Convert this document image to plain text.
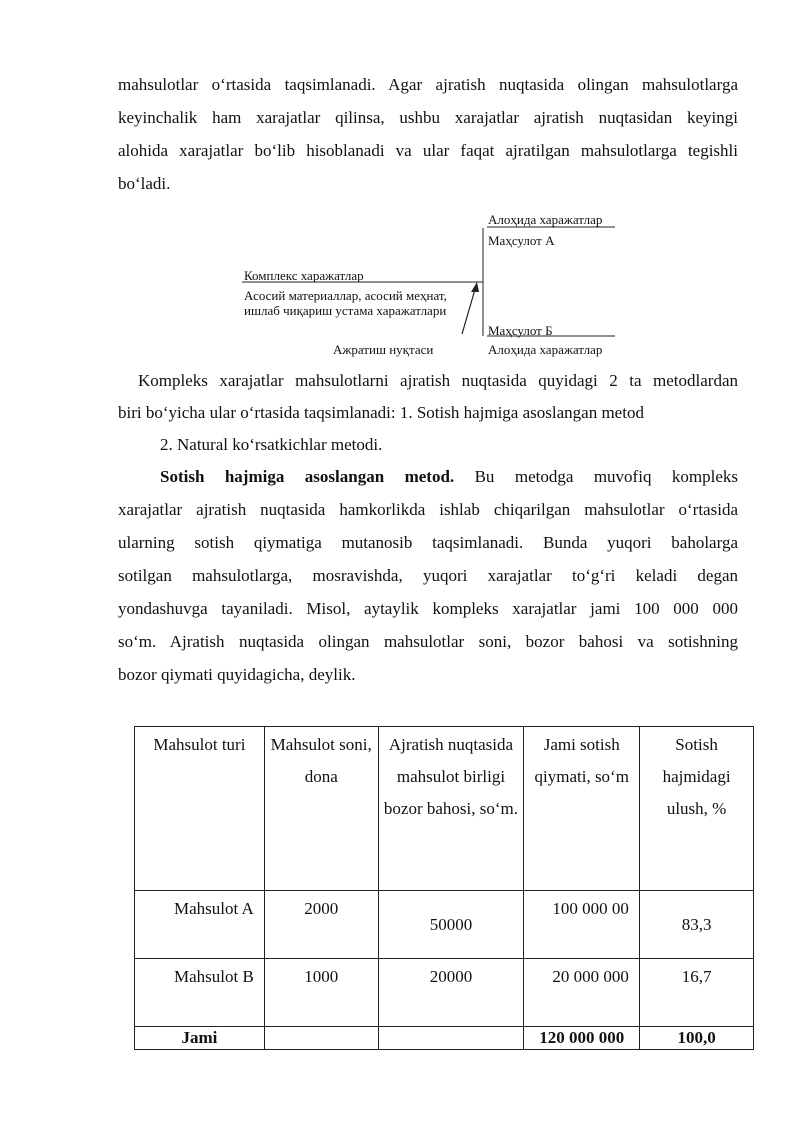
mahsulotlar o‘rtasida taqsimlanadi. Agar ajratish nuqtasida olingan mahsulotlarga
keyinchalik ham xarajatlar qilinsa, ushbu xarajatlar ajratish nuqtasidan keyingi
alohida xarajatlar bo‘lib hisoblanadi va ular faqat ajratilgan mahsulotlarga tegishli
bo‘ladi.
Алоҳида харажатлар
Маҳсулот А
Комплекс харажатлар
Асосий материаллар, асосий меҳнат,
ишлаб чиқариш устама харажатлари
Маҳсулот Б
Ажратиш нуқтаси	Алоҳида харажатлар
Kompleks xarajatlar mahsulotlarni ajratish nuqtasida quyidagi 2 ta metodlardan
biri bo‘yicha ular o‘rtasida taqsimlanadi: 1. Sotish hajmiga asoslangan metod
2. Natural ko‘rsatkichlar metodi.
Sotish hajmiga asoslangan metod. Bu metodga muvofiq kompleks
xarajatlar ajratish nuqtasida hamkorlikda ishlab chiqarilgan mahsulotlar o‘rtasida
ularning sotish qiymatiga mutanosib taqsimlanadi. Bunda yuqori baholarga
sotilgan mahsulotlarga, mosravishda, yuqori xarajatlar to‘g‘ri keladi degan
yondashuvga tayaniladi. Misol, aytaylik kompleks xarajatlar jami 100 000 000
so‘m. Ajratish nuqtasida olingan mahsulotlar soni, bozor bahosi va sotishning
bozor qiymati quyidagicha, deylik.
Mahsulot turi	Mahsulot soni, dona	Ajratish nuqtasida mahsulot birligi bozor bahosi, so‘m.	Jami sotish qiymati, so‘m	Sotish hajmidagi ulush, %
Mahsulot A	2000	50000	100 000 00	83,3
Mahsulot B	1000	20000	20 000 000	16,7
Jami			120 000 000	100,0
